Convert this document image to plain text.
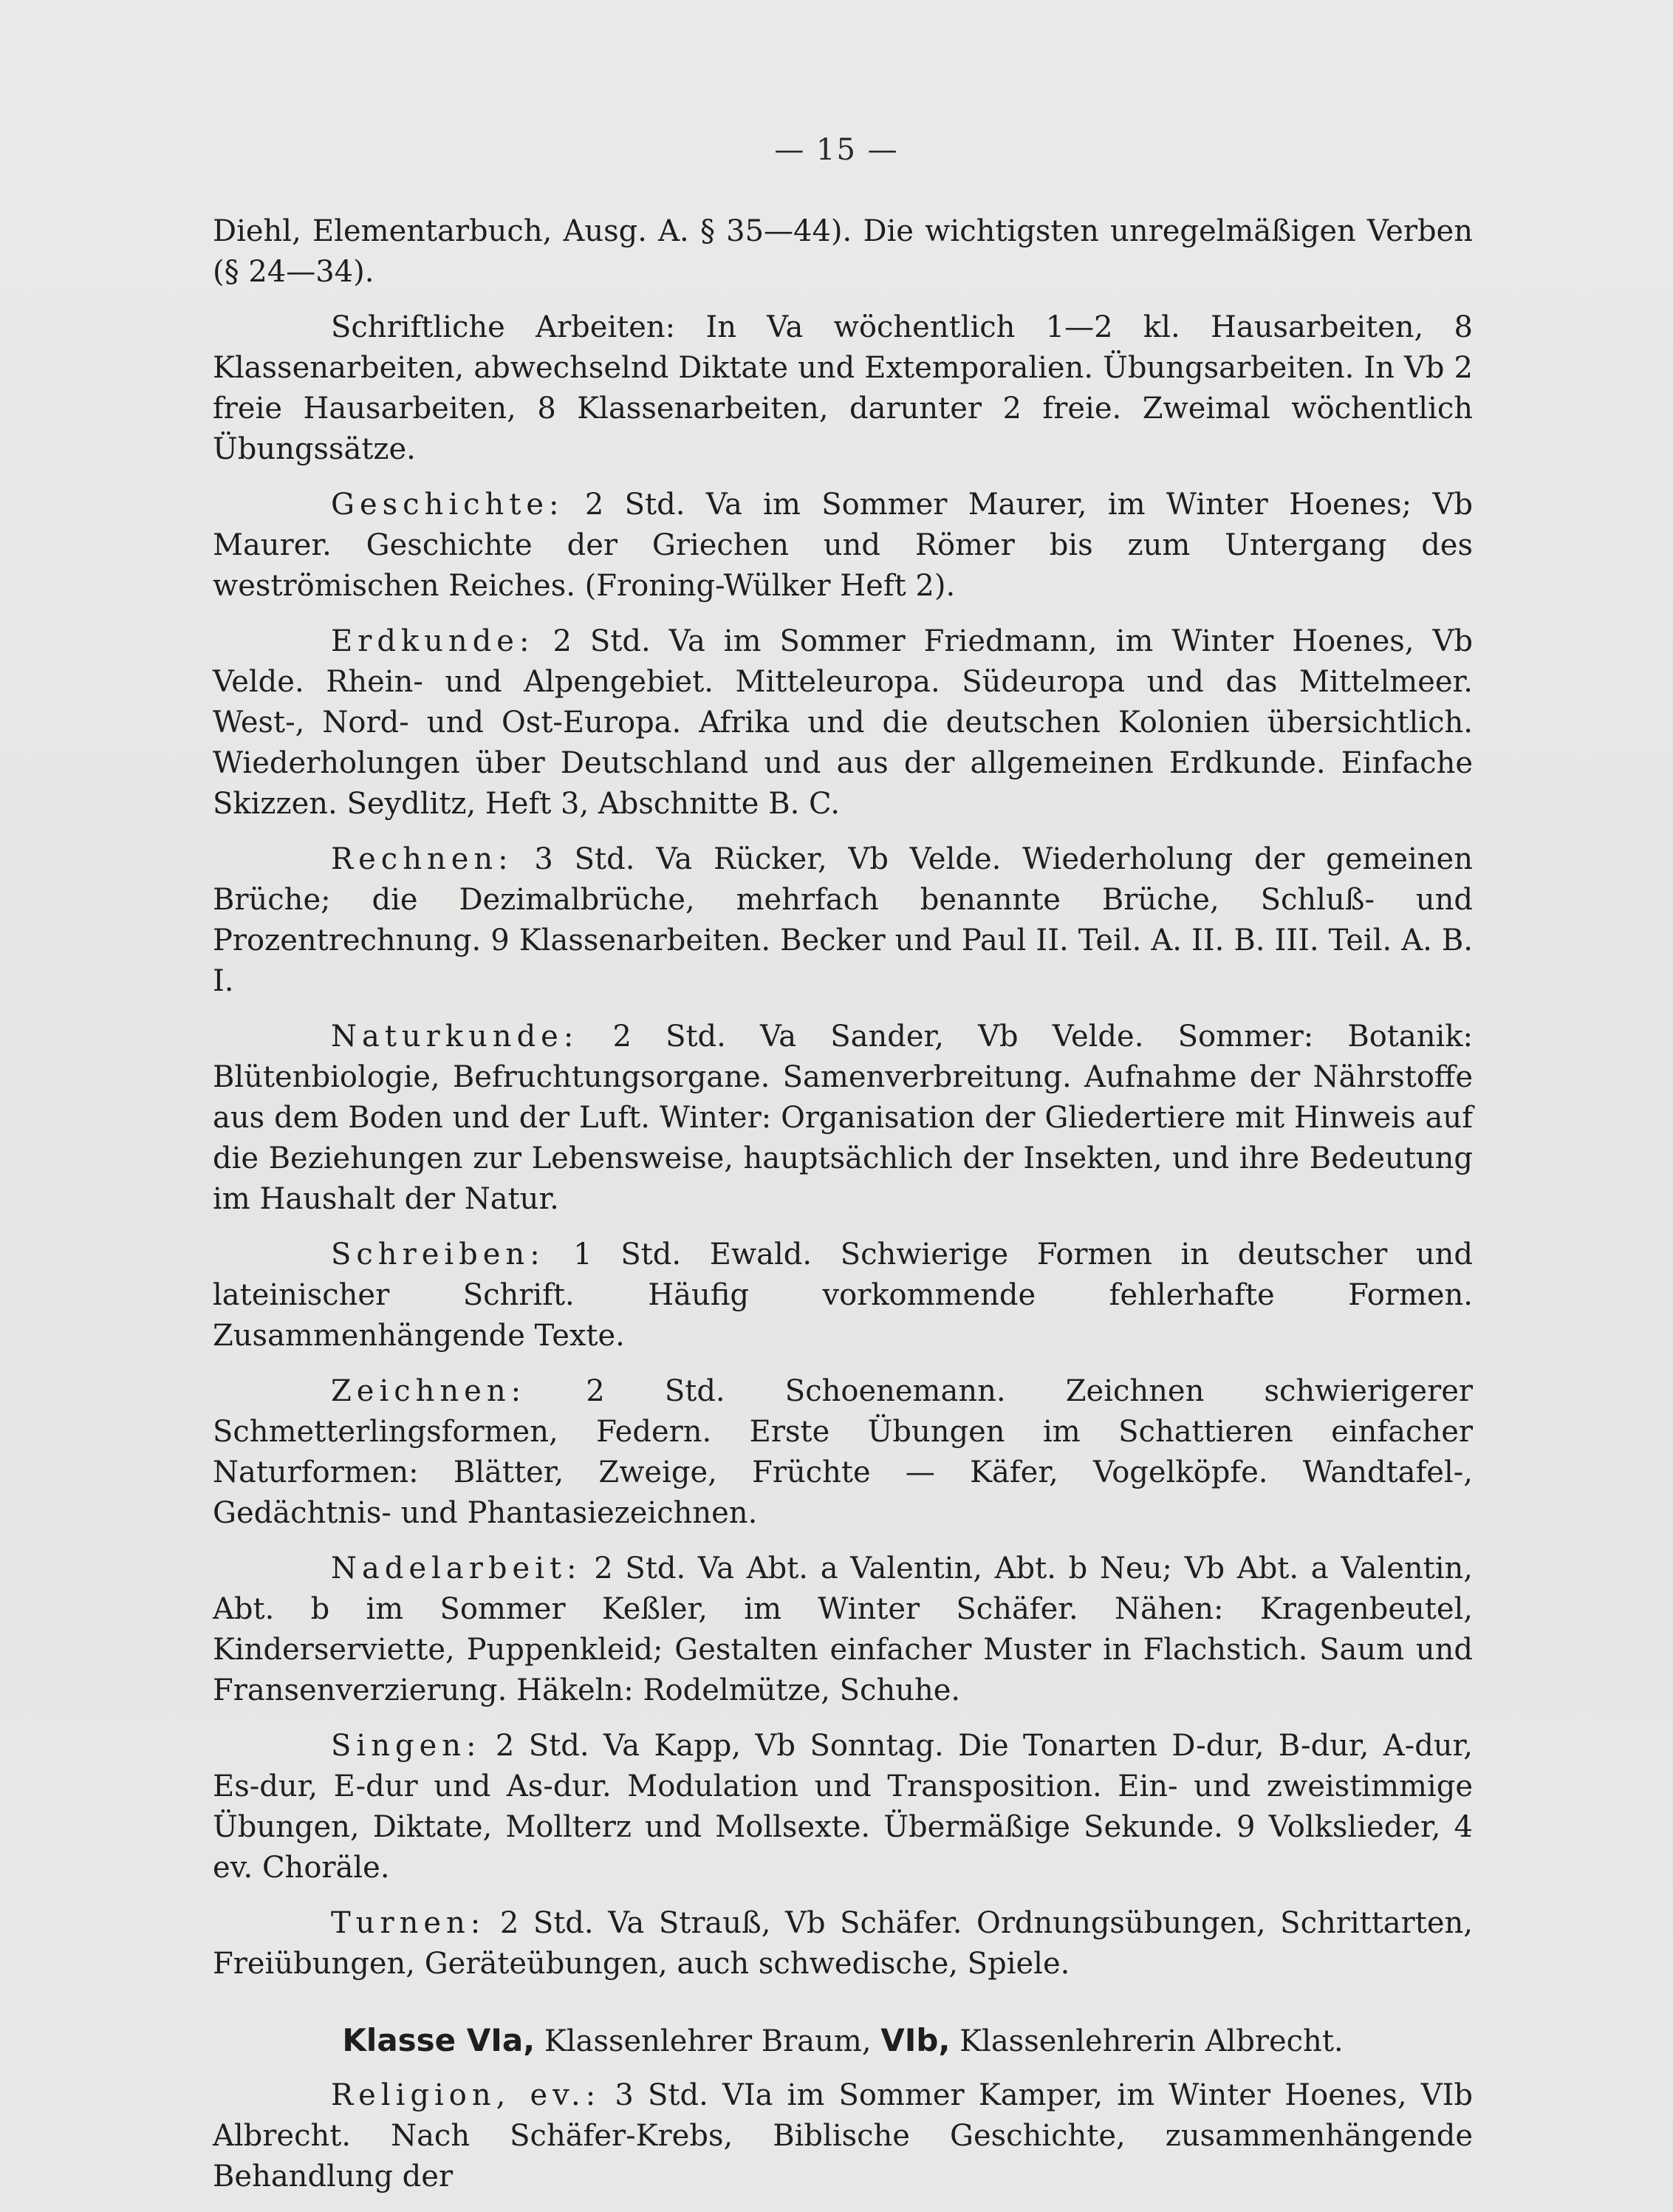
— 15 —

Diehl, Elementarbuch, Ausg. A. § 35—44). Die wichtigsten unregelmäßigen Verben (§ 24—34).

Schriftliche Arbeiten: In Va wöchentlich 1—2 kl. Hausarbeiten, 8 Klassenarbeiten, abwechselnd Diktate und Extemporalien. Übungsarbeiten. In Vb 2 freie Hausarbeiten, 8 Klassenarbeiten, darunter 2 freie. Zweimal wöchentlich Übungssätze.

Geschichte: 2 Std. Va im Sommer Maurer, im Winter Hoenes; Vb Maurer. Geschichte der Griechen und Römer bis zum Untergang des weströmischen Reiches. (Froning-Wülker Heft 2).

Erdkunde: 2 Std. Va im Sommer Friedmann, im Winter Hoenes, Vb Velde. Rhein- und Alpengebiet. Mitteleuropa. Südeuropa und das Mittelmeer. West-, Nord- und Ost-Europa. Afrika und die deutschen Kolonien übersichtlich. Wiederholungen über Deutschland und aus der allgemeinen Erdkunde. Einfache Skizzen. Seydlitz, Heft 3, Abschnitte B. C.

Rechnen: 3 Std. Va Rücker, Vb Velde. Wiederholung der gemeinen Brüche; die Dezimalbrüche, mehrfach benannte Brüche, Schluß- und Prozentrechnung. 9 Klassenarbeiten. Becker und Paul II. Teil. A. II. B. III. Teil. A. B. I.

Naturkunde: 2 Std. Va Sander, Vb Velde. Sommer: Botanik: Blütenbiologie, Befruchtungsorgane. Samenverbreitung. Aufnahme der Nährstoffe aus dem Boden und der Luft. Winter: Organisation der Gliedertiere mit Hinweis auf die Beziehungen zur Lebensweise, hauptsächlich der Insekten, und ihre Bedeutung im Haushalt der Natur.

Schreiben: 1 Std. Ewald. Schwierige Formen in deutscher und lateinischer Schrift. Häufig vorkommende fehlerhafte Formen. Zusammenhängende Texte.

Zeichnen: 2 Std. Schoenemann. Zeichnen schwierigerer Schmetterlingsformen, Federn. Erste Übungen im Schattieren einfacher Naturformen: Blätter, Zweige, Früchte — Käfer, Vogelköpfe. Wandtafel-, Gedächtnis- und Phantasiezeichnen.

Nadelarbeit: 2 Std. Va Abt. a Valentin, Abt. b Neu; Vb Abt. a Valentin, Abt. b im Sommer Keßler, im Winter Schäfer. Nähen: Kragenbeutel, Kinderserviette, Puppenkleid; Gestalten einfacher Muster in Flachstich. Saum und Fransenverzierung. Häkeln: Rodelmütze, Schuhe.

Singen: 2 Std. Va Kapp, Vb Sonntag. Die Tonarten D-dur, B-dur, A-dur, Es-dur, E-dur und As-dur. Modulation und Transposition. Ein- und zweistimmige Übungen, Diktate, Mollterz und Mollsexte. Übermäßige Sekunde. 9 Volkslieder, 4 ev. Choräle.

Turnen: 2 Std. Va Strauß, Vb Schäfer. Ordnungsübungen, Schrittarten, Freiübungen, Geräteübungen, auch schwedische, Spiele.

Klasse VIa, Klassenlehrer Braum, VIb, Klassenlehrerin Albrecht.

Religion, ev.: 3 Std. VIa im Sommer Kamper, im Winter Hoenes, VIb Albrecht. Nach Schäfer-Krebs, Biblische Geschichte, zusammenhängende Behandlung der
